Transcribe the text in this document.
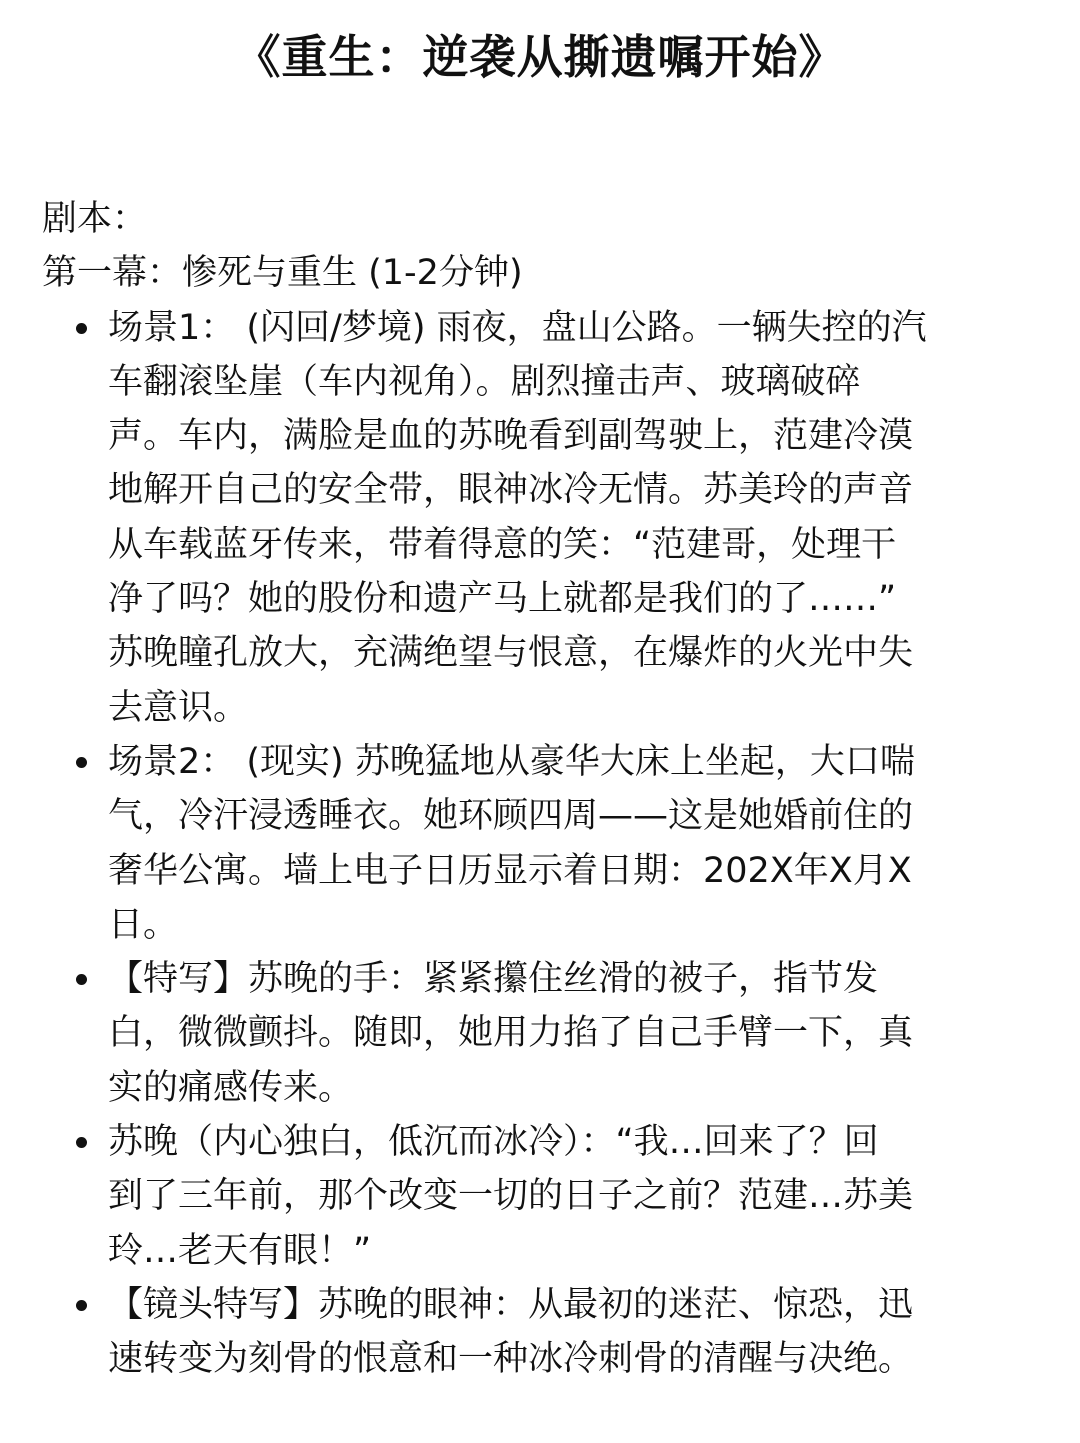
《重生：逆袭从撕遗嘱开始》
剧本：
第一幕：惨死与重生 (1-2分钟)
场景1： (闪回/梦境) 雨夜，盘山公路。一辆失控的汽
车翻滚坠崖（车内视角）。剧烈撞击声、玻璃破碎
声。车内，满脸是血的苏晚看到副驾驶上，范建冷漠
地解开自己的安全带，眼神冰冷无情。苏美玲的声音
从车载蓝牙传来，带着得意的笑：“范建哥，处理干
净了吗？她的股份和遗产马上就都是我们的了……”
苏晚瞳孔放大，充满绝望与恨意，在爆炸的火光中失
去意识。
场景2： (现实) 苏晚猛地从豪华大床上坐起，大口喘
气，冷汗浸透睡衣。她环顾四周——这是她婚前住的
奢华公寓。墙上电子日历显示着日期：202X年X月X
日。
【特写】苏晚的手：紧紧攥住丝滑的被子，指节发
白，微微颤抖。随即，她用力掐了自己手臂一下，真
实的痛感传来。
苏晚（内心独白，低沉而冰冷）：“我…回来了？回
到了三年前，那个改变一切的日子之前？范建…苏美
玲…老天有眼！”
【镜头特写】苏晚的眼神：从最初的迷茫、惊恐，迅
速转变为刻骨的恨意和一种冰冷刺骨的清醒与决绝。
